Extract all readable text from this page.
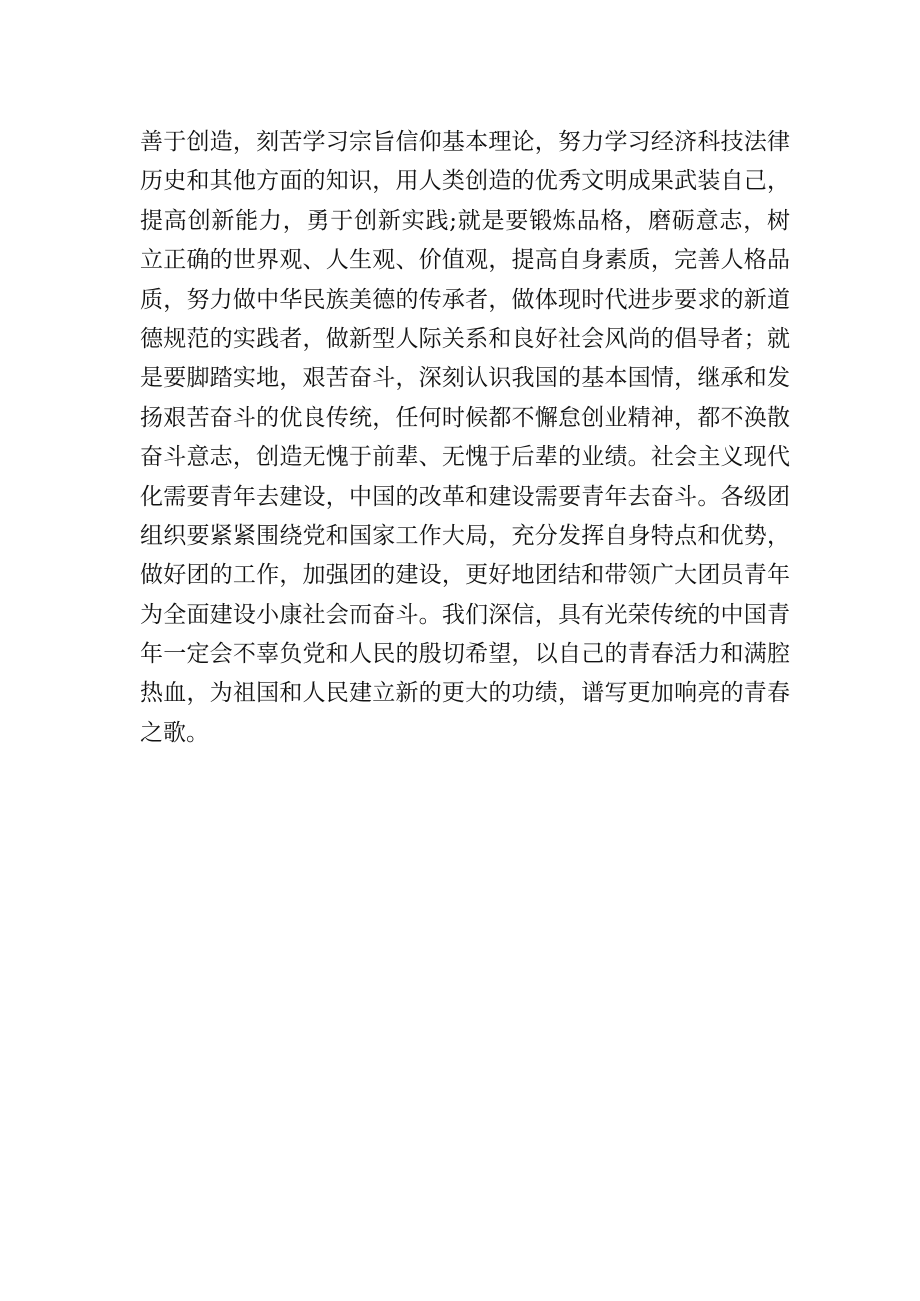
善于创造，刻苦学习宗旨信仰基本理论，努力学习经济科技法律
历史和其他方面的知识，用人类创造的优秀文明成果武装自己，
提高创新能力，勇于创新实践;就是要锻炼品格，磨砺意志，树
立正确的世界观、人生观、价值观，提高自身素质，完善人格品
质，努力做中华民族美德的传承者，做体现时代进步要求的新道
德规范的实践者，做新型人际关系和良好社会风尚的倡导者；就
是要脚踏实地，艰苦奋斗，深刻认识我国的基本国情，继承和发
扬艰苦奋斗的优良传统，任何时候都不懈怠创业精神，都不涣散
奋斗意志，创造无愧于前辈、无愧于后辈的业绩。社会主义现代
化需要青年去建设，中国的改革和建设需要青年去奋斗。各级团
组织要紧紧围绕党和国家工作大局，充分发挥自身特点和优势，
做好团的工作，加强团的建设，更好地团结和带领广大团员青年
为全面建设小康社会而奋斗。我们深信，具有光荣传统的中国青
年一定会不辜负党和人民的殷切希望，以自己的青春活力和满腔
热血，为祖国和人民建立新的更大的功绩，谱写更加响亮的青春
之歌。
